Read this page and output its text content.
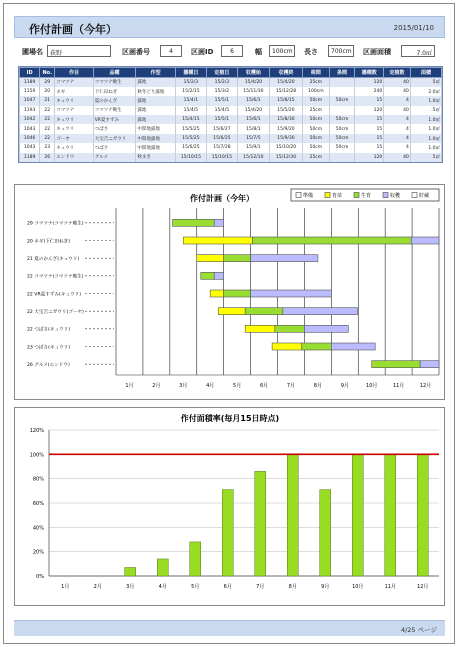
作付計画（今年）	2015/01/10
圃場名	荻野	区画番号	4	区画ID	6	幅	100cm	長さ	700cm	区画面積	7.0㎡
ID	No.	作目	品種	作型	播種日	定植日	収穫始	収穫終	株間	条間	播種数	定植数	面積
1189	29	コマツナ	コマツナ晩生	露地	15/2/3	15/2/3	15/4/20	15/4/20	25cm		120	40	.5㎡
1150	20	ネギ	下仁田ねぎ	秋冬どり露地	15/2/15	15/3/2	15/11/30	15/12/28	100cm		240	40	2.0㎡
1047	21	キュウリ	夏のかんざ	露地	15/4/1	15/5/1	15/6/1	15/8/15	50cm	50cm	15	4	1.0㎡
1193	22	コマツナ	コマツナ晩生	露地	15/4/5	15/4/5	15/4/20	15/5/20	25cm		120	40	.5㎡
1042	22	キュウリ	VR夏すずみ	露地	15/4/15	15/5/1	15/6/1	15/8/30	50cm	50cm	15	4	1.0㎡
1043	22	キュウリ	つばさ	中間地露地	15/5/25	15/6/27	15/8/1	15/9/20	50cm	50cm	15	4	1.0㎡
1046	22	ゴーヤ	大宝吉ニガウリ	中間地露地	15/5/25	15/6/25	15/7/5	15/9/30	50cm	50cm	15	4	1.0㎡
1043	23	キュウリ	つばさ	中間地露地	15/6/25	15/7/28	15/9/1	15/10/20	50cm	50cm	15	4	1.0㎡
1189	26	エンドウ	グルメ	秋まき	15/10/15	15/10/15	15/12/10	15/12/30	25cm		120	40	.5㎡
作付計画（今年）	準備	育苗	生育	収穫	貯蔵
29 コマツナ(コマツナ晩生)
20 ネギ(下仁田ねぎ)
21 夏のかんざ(キュウリ)
22 コマツナ(コマツナ晩生)
22 VR夏すずみ(キュウリ)
22 大宝吉ニガウリ(ゴーヤ)
22 つばさ(キュウリ)
23 つばさ(キュウリ)
26 グルメ(エンドウ)
1月	2月	3月	4月	5月	6月	7月	8月	9月	10月	11月	12月
作付面積率(毎月15日時点)
0%
20%
40%
60%
80%
100%
120%
1月	2月	3月	4月	5月	6月	7月	8月	9月	10月	11月	12月
4/25 ページ
